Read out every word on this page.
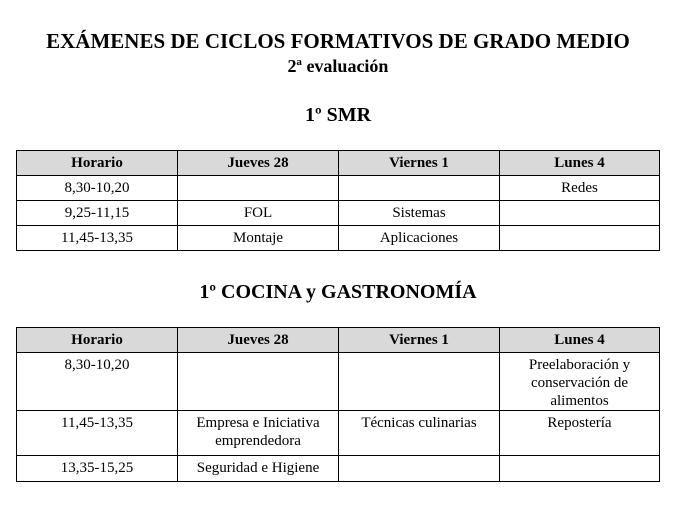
EXÁMENES DE CICLOS FORMATIVOS DE GRADO MEDIO
2ª evaluación
1º SMR
Horario	Jueves 28	Viernes 1	Lunes 4
8,30-10,20			Redes
9,25-11,15	FOL	Sistemas	
11,45-13,35	Montaje	Aplicaciones	
1º COCINA y GASTRONOMÍA
Horario	Jueves 28	Viernes 1	Lunes 4
8,30-10,20			Preelaboración y conservación de alimentos
11,45-13,35	Empresa e Iniciativa emprendedora	Técnicas culinarias	Repostería
13,35-15,25	Seguridad e Higiene		
